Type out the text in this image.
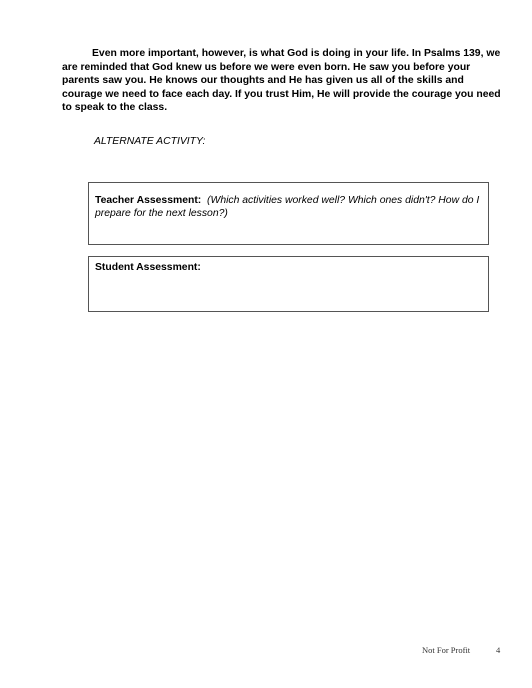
Even more important, however, is what God is doing in your life. In Psalms 139, we are reminded that God knew us before we were even born. He saw you before your parents saw you. He knows our thoughts and He has given us all of the skills and courage we need to face each day. If you trust Him, He will provide the courage you need to speak to the class.

ALTERNATE ACTIVITY:

Teacher Assessment: (Which activities worked well? Which ones didn't? How do I prepare for the next lesson?)
Student Assessment:
Not For Profit	4
